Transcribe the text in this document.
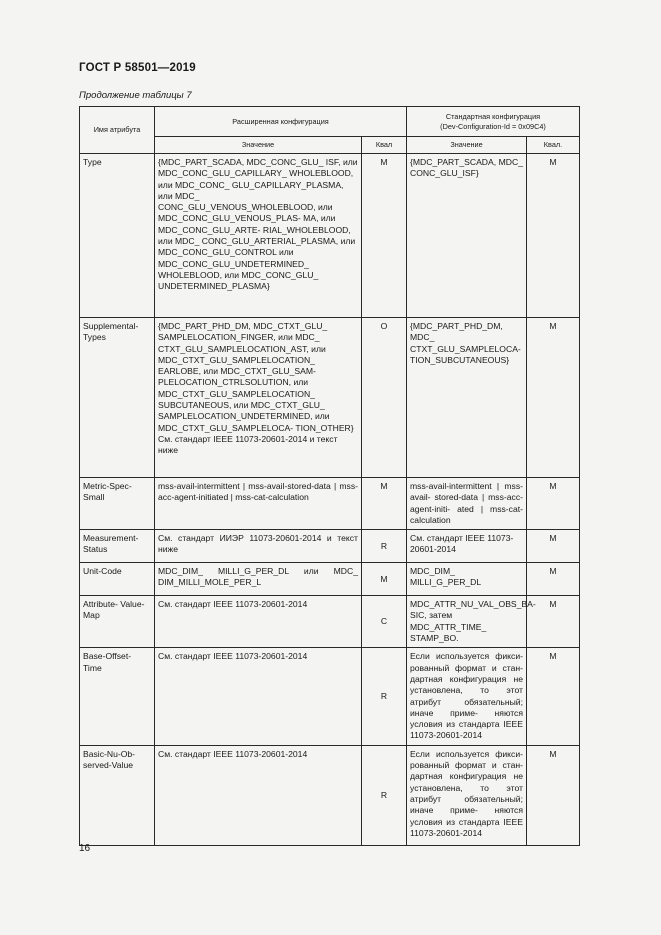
ГОСТ Р 58501—2019
Продолжение таблицы 7
Имя атрибута	Расширенная конфигурация		Стандартная конфигурация
(Dev-Configuration-Id = 0x09C4)	

	Значение	Квал	Значение	Квал.
Type	{MDC_PART_SCADA, MDC_CONC_GLU_ ISF, или MDC_CONC_GLU_CAPILLARY_ WHOLEBLOOD, или MDC_CONC_ GLU_CAPILLARY_PLASMA, или MDC_ CONC_GLU_VENOUS_WHOLEBLOOD, или MDC_CONC_GLU_VENOUS_PLAS- MA, или MDC_CONC_GLU_ARTE- RIAL_WHOLEBLOOD, или MDC_ CONC_GLU_ARTERIAL_PLASMA, или MDC_CONC_GLU_CONTROL или MDC_CONC_GLU_UNDETERMINED_ WHOLEBLOOD, или MDC_CONC_GLU_ UNDETERMINED_PLASMA}	M	{MDC_PART_SCADA, MDC_ CONC_GLU_ISF}	M
Supplemental- Types	{MDC_PART_PHD_DM, MDC_CTXT_GLU_ SAMPLELOCATION_FINGER, или MDC_ CTXT_GLU_SAMPLELOCATION_AST, или MDC_CTXT_GLU_SAMPLELOCATION_ EARLOBE, или MDC_CTXT_GLU_SAM- PLELOCATION_CTRLSOLUTION, или MDC_CTXT_GLU_SAMPLELOCATION_ SUBCUTANEOUS, или MDC_CTXT_GLU_ SAMPLELOCATION_UNDETERMINED, или MDC_CTXT_GLU_SAMPLELOCA- TION_OTHER} См. стандарт IEEE 11073-20601-2014 и текст ниже	O	{MDC_PART_PHD_DM, MDC_ CTXT_GLU_SAMPLELOCA- TION_SUBCUTANEOUS}	M
Metric-Spec- Small	mss-avail-intermittent | mss-avail-stored-data | mss-acc-agent-initiated | mss-cat-calculation	M	mss-avail-intermittent | mss-avail- stored-data | mss-acc-agent-initi- ated | mss-cat-calculation	M
Measurement- Status	См. стандарт ИИЭР 11073-20601-2014 и текст ниже	R	См. стандарт IEEE 11073-20601-2014	M
Unit-Code	MDC_DIM_ MILLI_G_PER_DL или MDC_ DIM_MILLI_MOLE_PER_L	M	MDC_DIM_ MILLI_G_PER_DL	M
Attribute- Value-Map	См. стандарт IEEE 11073-20601-2014	C	MDC_ATTR_NU_VAL_OBS_BA- SIC, затем MDC_ATTR_TIME_ STAMP_BO.	M
Base-Offset- Time	См. стандарт IEEE 11073-20601-2014	R	Если используется фикси- рованный формат и стан- дартная конфигурация не установлена, то этот атрибут обязательный; иначе приме- няются условия из стандарта IEEE 11073-20601-2014	M
Basic-Nu-Ob- served-Value	См. стандарт IEEE 11073-20601-2014	R	Если используется фикси- рованный формат и стан- дартная конфигурация не установлена, то этот атрибут обязательный; иначе приме- няются условия из стандарта IEEE 11073-20601-2014	M
16
